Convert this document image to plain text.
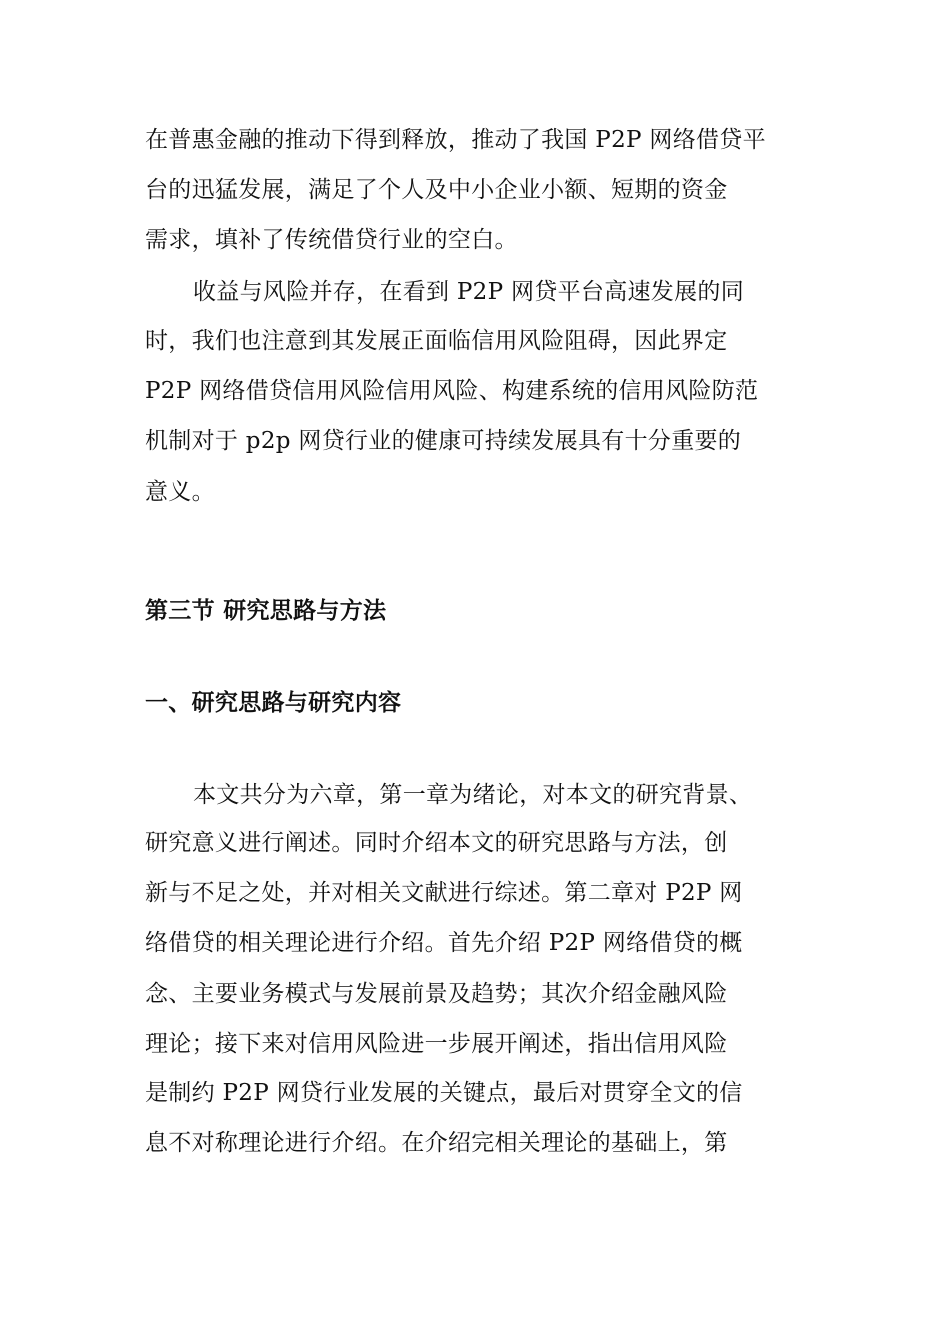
在普惠金融的推动下得到释放，推动了我国 P2P 网络借贷平
台的迅猛发展，满足了个人及中小企业小额、短期的资金
需求，填补了传统借贷行业的空白。
收益与风险并存，在看到 P2P 网贷平台高速发展的同
时，我们也注意到其发展正面临信用风险阻碍，因此界定
P2P 网络借贷信用风险信用风险、构建系统的信用风险防范
机制对于 p2p 网贷行业的健康可持续发展具有十分重要的
意义。
第三节 研究思路与方法
一、研究思路与研究内容
本文共分为六章，第一章为绪论，对本文的研究背景、
研究意义进行阐述。同时介绍本文的研究思路与方法，创
新与不足之处，并对相关文献进行综述。第二章对 P2P 网
络借贷的相关理论进行介绍。首先介绍 P2P 网络借贷的概
念、主要业务模式与发展前景及趋势；其次介绍金融风险
理论；接下来对信用风险进一步展开阐述，指出信用风险
是制约 P2P 网贷行业发展的关键点，最后对贯穿全文的信
息不对称理论进行介绍。在介绍完相关理论的基础上，第
